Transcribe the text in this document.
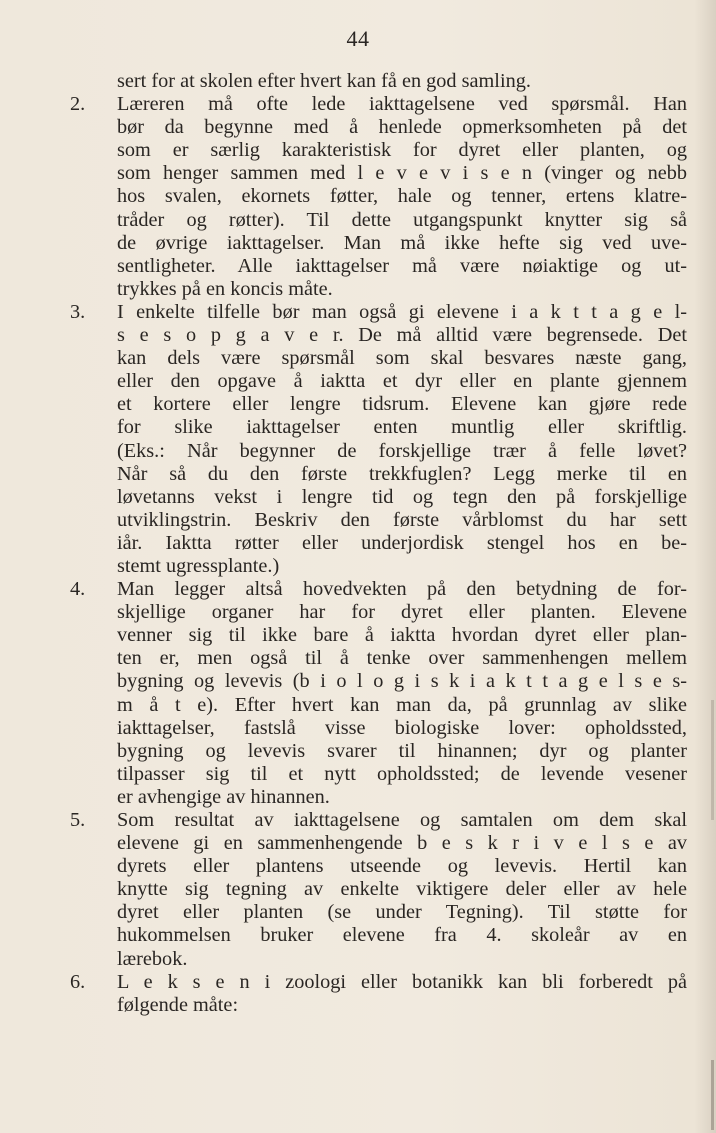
44
sert for at skolen efter hvert kan få en god samling.
2.	Læreren må ofte lede iakttagelsene ved spørsmål. Han
bør da begynne med å henlede opmerksomheten på det
som er særlig karakteristisk for dyret eller planten, og
som henger sammen med l e v e v i s e n (vinger og nebb
hos svalen, ekornets føtter, hale og tenner, ertens klatre-
tråder og røtter). Til dette utgangspunkt knytter sig så
de øvrige iakttagelser. Man må ikke hefte sig ved uve-
sentligheter. Alle iakttagelser må være nøiaktige og ut-
trykkes på en koncis måte.
3.	I enkelte tilfelle bør man også gi elevene i a k t t a g e l-
s e s o p g a v e r. De må alltid være begrensede. Det
kan dels være spørsmål som skal besvares næste gang,
eller den opgave å iaktta et dyr eller en plante gjennem
et kortere eller lengre tidsrum. Elevene kan gjøre rede
for slike iakttagelser enten muntlig eller skriftlig.
(Eks.: Når begynner de forskjellige trær å felle løvet?
Når så du den første trekkfuglen? Legg merke til en
løvetanns vekst i lengre tid og tegn den på forskjellige
utviklingstrin. Beskriv den første vårblomst du har sett
iår. Iaktta røtter eller underjordisk stengel hos en be-
stemt ugressplante.)
4.	Man legger altså hovedvekten på den betydning de for-
skjellige organer har for dyret eller planten. Elevene
venner sig til ikke bare å iaktta hvordan dyret eller plan-
ten er, men også til å tenke over sammenhengen mellem
bygning og levevis (b i o l o g i s k i a k t t a g e l s e s-
m å t e). Efter hvert kan man da, på grunnlag av slike
iakttagelser, fastslå visse biologiske lover: opholdssted,
bygning og levevis svarer til hinannen; dyr og planter
tilpasser sig til et nytt opholdssted; de levende vesener
er avhengige av hinannen.
5.	Som resultat av iakttagelsene og samtalen om dem skal
elevene gi en sammenhengende b e s k r i v e l s e av
dyrets eller plantens utseende og levevis. Hertil kan
knytte sig tegning av enkelte viktigere deler eller av hele
dyret eller planten (se under Tegning). Til støtte for
hukommelsen bruker elevene fra 4. skoleår av en
lærebok.
6.	L e k s e n i zoologi eller botanikk kan bli forberedt på
følgende måte:
